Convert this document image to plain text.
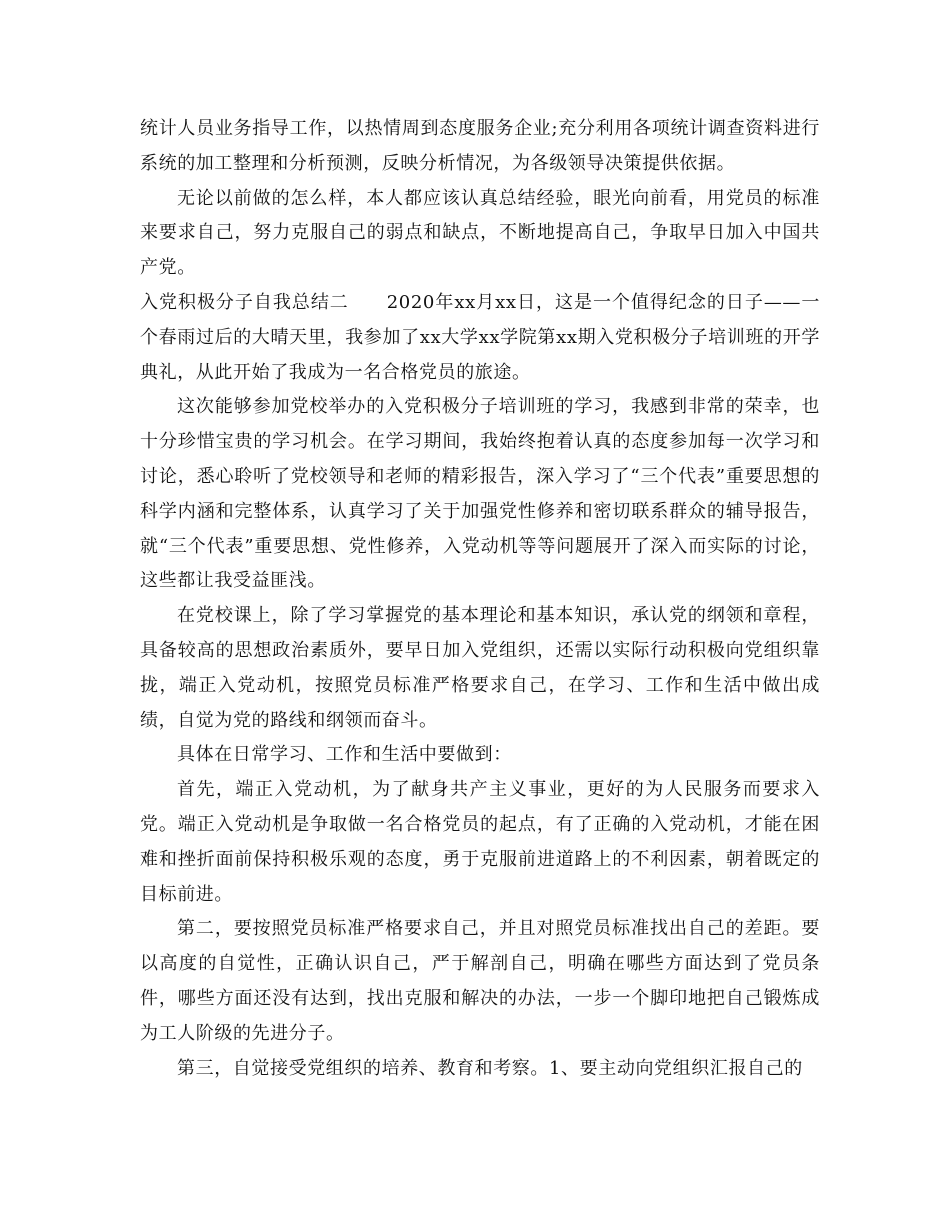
统计人员业务指导工作，以热情周到态度服务企业;充分利用各项统计调查资料进行系统的加工整理和分析预测，反映分析情况，为各级领导决策提供依据。

无论以前做的怎么样，本人都应该认真总结经验，眼光向前看，用党员的标准来要求自己，努力克服自己的弱点和缺点，不断地提高自己，争取早日加入中国共产党。

入党积极分子自我总结二　　2020年xx月xx日，这是一个值得纪念的日子——一个春雨过后的大晴天里，我参加了xx大学xx学院第xx期入党积极分子培训班的开学典礼，从此开始了我成为一名合格党员的旅途。

这次能够参加党校举办的入党积极分子培训班的学习，我感到非常的荣幸，也十分珍惜宝贵的学习机会。在学习期间，我始终抱着认真的态度参加每一次学习和讨论，悉心聆听了党校领导和老师的精彩报告，深入学习了“三个代表”重要思想的科学内涵和完整体系，认真学习了关于加强党性修养和密切联系群众的辅导报告，就“三个代表”重要思想、党性修养，入党动机等等问题展开了深入而实际的讨论，这些都让我受益匪浅。

在党校课上，除了学习掌握党的基本理论和基本知识，承认党的纲领和章程，具备较高的思想政治素质外，要早日加入党组织，还需以实际行动积极向党组织靠拢，端正入党动机，按照党员标准严格要求自己，在学习、工作和生活中做出成绩，自觉为党的路线和纲领而奋斗。

具体在日常学习、工作和生活中要做到：

首先，端正入党动机，为了献身共产主义事业，更好的为人民服务而要求入党。端正入党动机是争取做一名合格党员的起点，有了正确的入党动机，才能在困难和挫折面前保持积极乐观的态度，勇于克服前进道路上的不利因素，朝着既定的目标前进。

第二，要按照党员标准严格要求自己，并且对照党员标准找出自己的差距。要以高度的自觉性，正确认识自己，严于解剖自己，明确在哪些方面达到了党员条件，哪些方面还没有达到，找出克服和解决的办法，一步一个脚印地把自己锻炼成为工人阶级的先进分子。

第三，自觉接受党组织的培养、教育和考察。1、要主动向党组织汇报自己的
